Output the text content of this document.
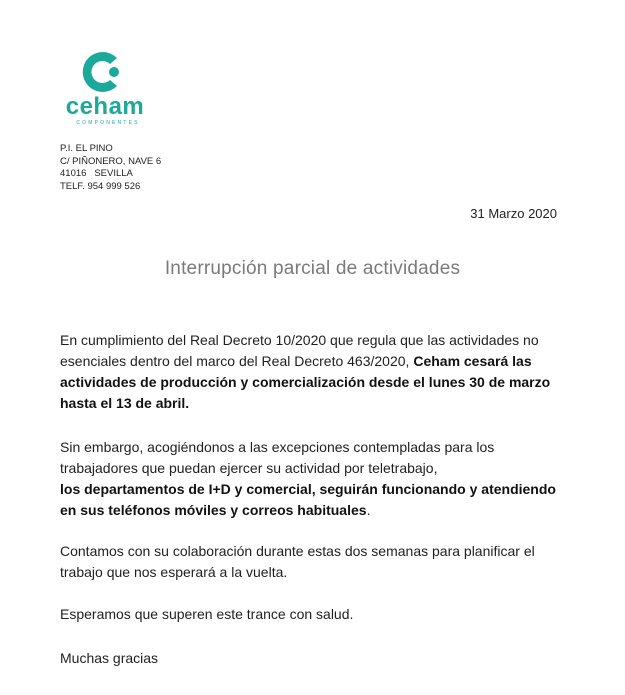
ceham
COMPONENTES
P.I. EL PINO
C/ PIÑONERO, NAVE 6
41016   SEVILLA
TELF. 954 999 526
31 Marzo 2020
Interrupción parcial de actividades
En cumplimiento del Real Decreto 10/2020 que regula que las actividades no
esenciales dentro del marco del Real Decreto 463/2020, Ceham cesará las
actividades de producción y comercialización desde el lunes 30 de marzo
hasta el 13 de abril.
Sin embargo, acogiéndonos a las excepciones contempladas para los
trabajadores que puedan ejercer su actividad por teletrabajo,
los departamentos de I+D y comercial, seguirán funcionando y atendiendo
en sus teléfonos móviles y correos habituales.
Contamos con su colaboración durante estas dos semanas para planificar el
trabajo que nos esperará a la vuelta.
Esperamos que superen este trance con salud.
Muchas gracias
